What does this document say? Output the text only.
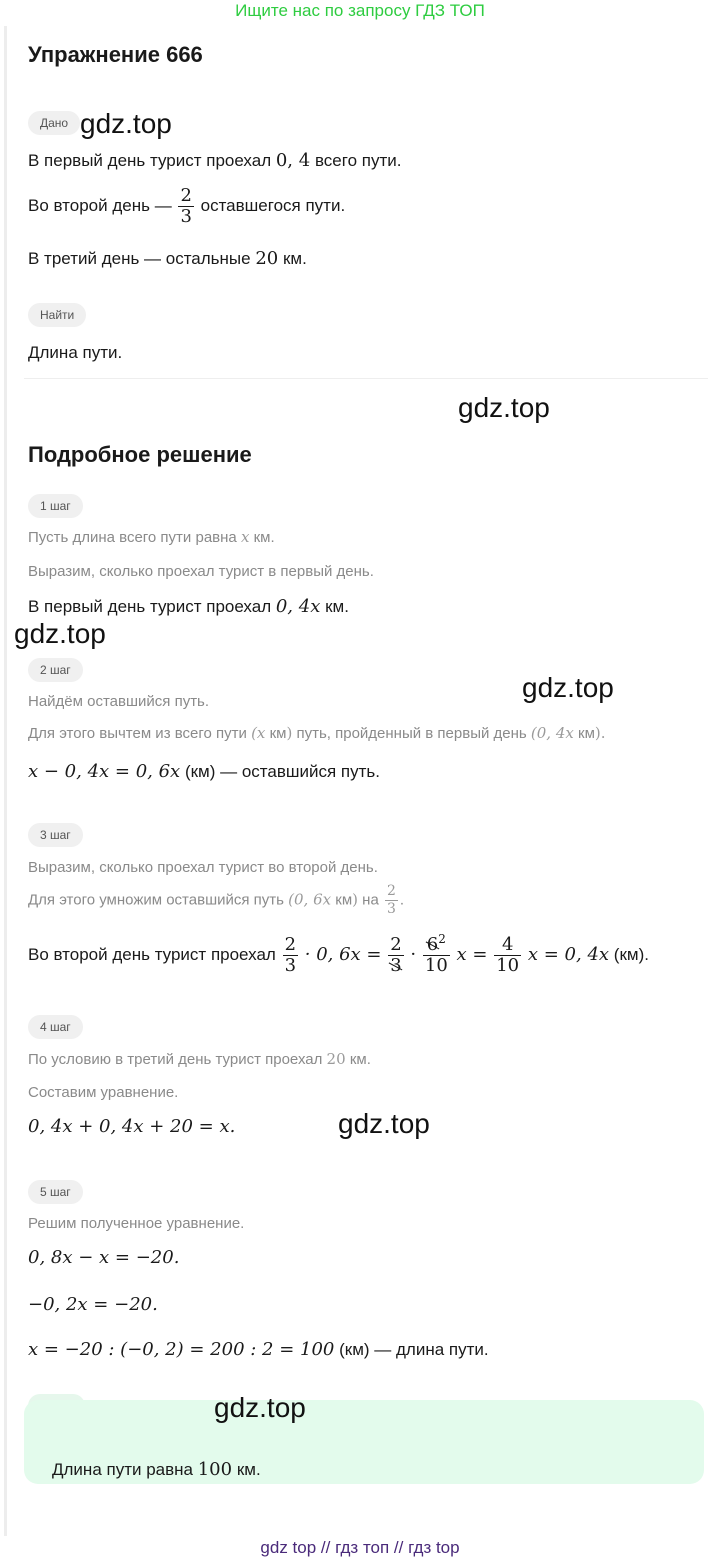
Ищите нас по запросу ГДЗ ТОП
Упражнение 666
Дано
В первый день турист проехал 0, 4 всего пути.
Во второй день — $\frac{2}{3}$ оставшегося пути.
В третий день — остальные 20 км.
Найти
Длина пути.
Подробное решение
1 шаг
Пусть длина всего пути равна x км.
Выразим, сколько проехал турист в первый день.
В первый день турист проехал 0, 4x км.
2 шаг
Найдём оставшийся путь.
Для этого вычтем из всего пути (x км) путь, пройденный в первый день (0, 4x км).
x − 0, 4x = 0, 6x (км) — оставшийся путь.
3 шаг
Выразим, сколько проехал турист во второй день.
Для этого умножим оставшийся путь (0, 6x км) на $\frac{2}{3}$ .
Во второй день турист проехал $\frac{2}{3} \cdot 0$, $6x = \frac{2}{3} \cdot \frac{6^2}{10}$ $x = \frac{4}{10}$ x = 0, 4x (км).
4 шаг
По условию в третий день турист проехал 20 км.
Составим уравнение.
0, 4x + 0, 4x + 20 = x.
5 шаг
Решим полученное уравнение.
0, 8x − x = −20.
−0, 2x = −20.
x = −20 : (−0, 2) = 200 : 2 = 100 (км) — длина пути.
Длина пути равна 100 км.
gdz.top
gdz.top
gdz.top
gdz.top
gdz.top
gdz.top
gdz top // гдз топ // гдз top
